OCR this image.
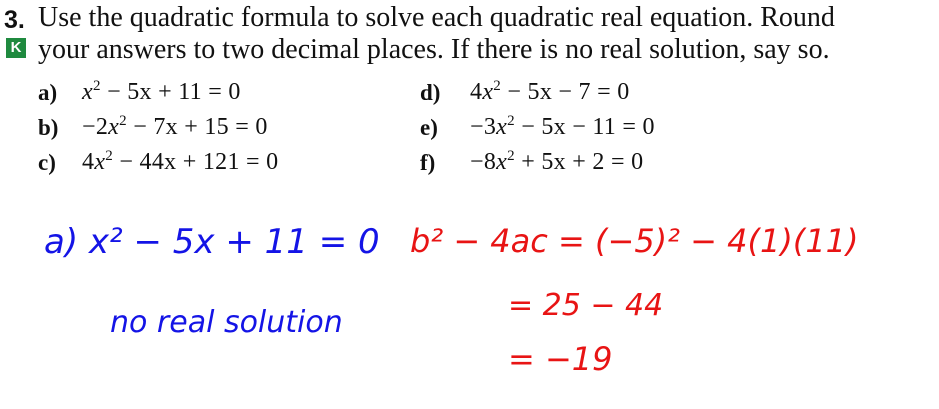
3. Use the quadratic formula to solve each quadratic real equation. Round
K your answers to two decimal places. If there is no real solution, say so.
a) $x^2 - 5x + 11 = 0$
$b) -2x^2 - 7x + 15 = 0$
c) $4x^2 - 44x + 121 = 0$
d) $4x^2 - 5x - 7 = 0$
$e) -3x^2 - 5x - 11 = 0$
$f) -8x^2 + 5x + 2 = 0$
a) x² − 5x + 11 = 0
no real solution
b² − 4ac = (−5)² − 4(1)(11)
= 25 − 44
= −19
